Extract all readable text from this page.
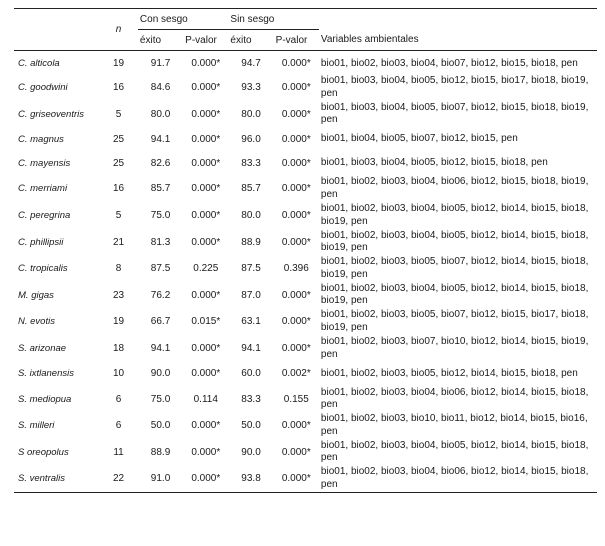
	n	Con sesgo		Sin sesgo		
		éxito	P-valor	éxito	P-valor	Variables ambientales
C. alticola	19	91.7	0.000*	94.7	0.000*	bio01, bio02, bio03, bio04, bio07, bio12, bio15, bio18, pen
C. goodwini	16	84.6	0.000*	93.3	0.000*	bio01, bio03, bio04, bio05, bio12, bio15, bio17, bio18, bio19, pen
C. griseoventris	5	80.0	0.000*	80.0	0.000*	bio01, bio03, bio04, bio05, bio07, bio12, bio15, bio18, bio19, pen
C. magnus	25	94.1	0.000*	96.0	0.000*	bio01, bio04, bio05, bio07, bio12, bio15, pen
C. mayensis	25	82.6	0.000*	83.3	0.000*	bio01, bio03, bio04, bio05, bio12, bio15, bio18, pen
C. merriami	16	85.7	0.000*	85.7	0.000*	bio01, bio02, bio03, bio04, bio06, bio12, bio15, bio18, bio19, pen
C. peregrina	5	75.0	0.000*	80.0	0.000*	bio01, bio02, bio03, bio04, bio05, bio12, bio14, bio15, bio18, bio19, pen
C. phillipsii	21	81.3	0.000*	88.9	0.000*	bio01, bio02, bio03, bio04, bio05, bio12, bio14, bio15, bio18, bio19, pen
C. tropicalis	8	87.5	0.225	87.5	0.396	bio01, bio02, bio03, bio05, bio07, bio12, bio14, bio15, bio18, bio19, pen
M. gigas	23	76.2	0.000*	87.0	0.000*	bio01, bio02, bio03, bio04, bio05, bio12, bio14, bio15, bio18, bio19, pen
N. evotis	19	66.7	0.015*	63.1	0.000*	bio01, bio02, bio03, bio05, bio07, bio12, bio15, bio17, bio18, bio19, pen
S. arizonae	18	94.1	0.000*	94.1	0.000*	bio01, bio02, bio03, bio07, bio10, bio12, bio14, bio15, bio19, pen
S. ixtlanensis	10	90.0	0.000*	60.0	0.002*	bio01, bio02, bio03, bio05, bio12, bio14, bio15, bio18, pen
S. mediopua	6	75.0	0.114	83.3	0.155	bio01, bio02, bio03, bio04, bio06, bio12, bio14, bio15, bio18, pen
S. milleri	6	50.0	0.000*	50.0	0.000*	bio01, bio02, bio03, bio10, bio11, bio12, bio14, bio15, bio16, pen
S oreopolus	11	88.9	0.000*	90.0	0.000*	bio01, bio02, bio03, bio04, bio05, bio12, bio14, bio15, bio18, pen
S. ventralis	22	91.0	0.000*	93.8	0.000*	bio01, bio02, bio03, bio04, bio06, bio12, bio14, bio15, bio18, pen
